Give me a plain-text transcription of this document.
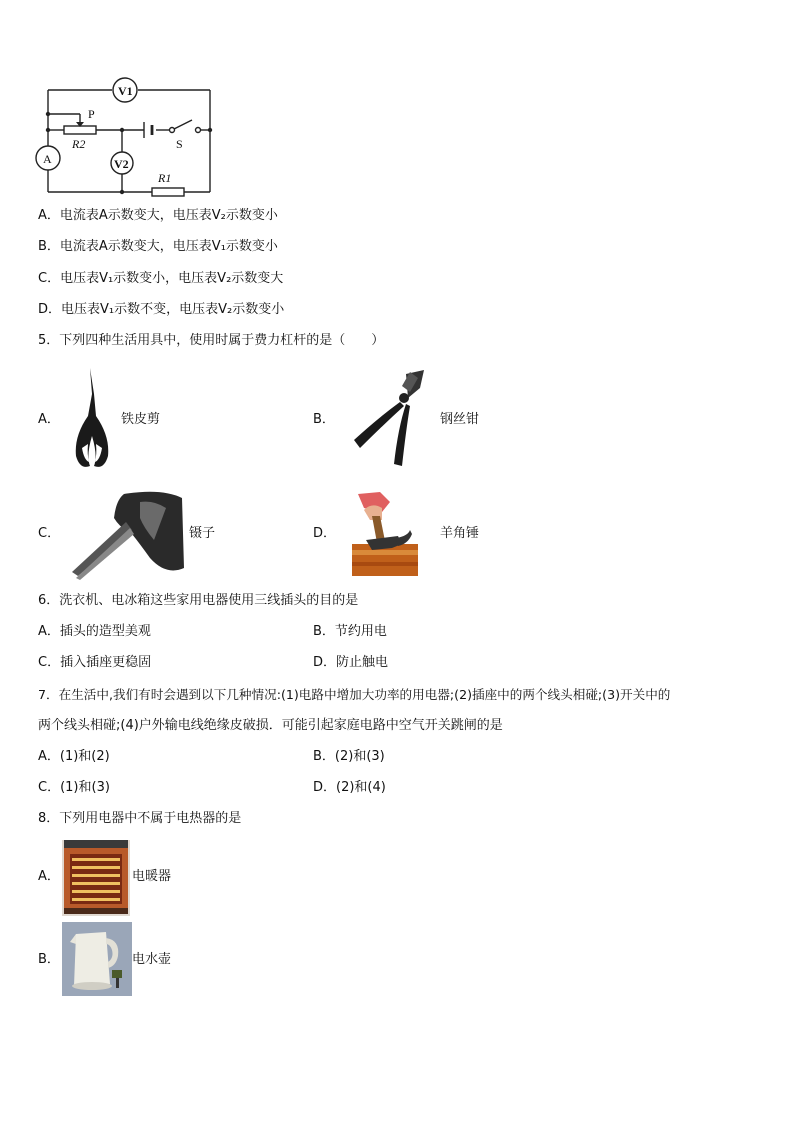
V1
A	V2
P
R2
R1
S
A．电流表A示数变大，电压表V₂示数变小
B．电流表A示数变大，电压表V₁示数变小
C．电压表V₁示数变小，电压表V₂示数变大
D．电压表V₁示数不变，电压表V₂示数变小
5．下列四种生活用具中，使用时属于费力杠杆的是（　　）
A．	铁皮剪	B．	钢丝钳
C．	镊子	D．	羊角锤
6．洗衣机、电冰箱这些家用电器使用三线插头的目的是
A．插头的造型美观	B．节约用电
C．插入插座更稳固	D．防止触电
7．在生活中,我们有时会遇到以下几种情况:(1)电路中增加大功率的用电器;(2)插座中的两个线头相碰;(3)开关中的
两个线头相碰;(4)户外输电线绝缘皮破损．可能引起家庭电路中空气开关跳闸的是
A．(1)和(2)	B．(2)和(3)
C．(1)和(3)	D．(2)和(4)
8．下列用电器中不属于电热器的是
A．	电暖器
B．	电水壶
